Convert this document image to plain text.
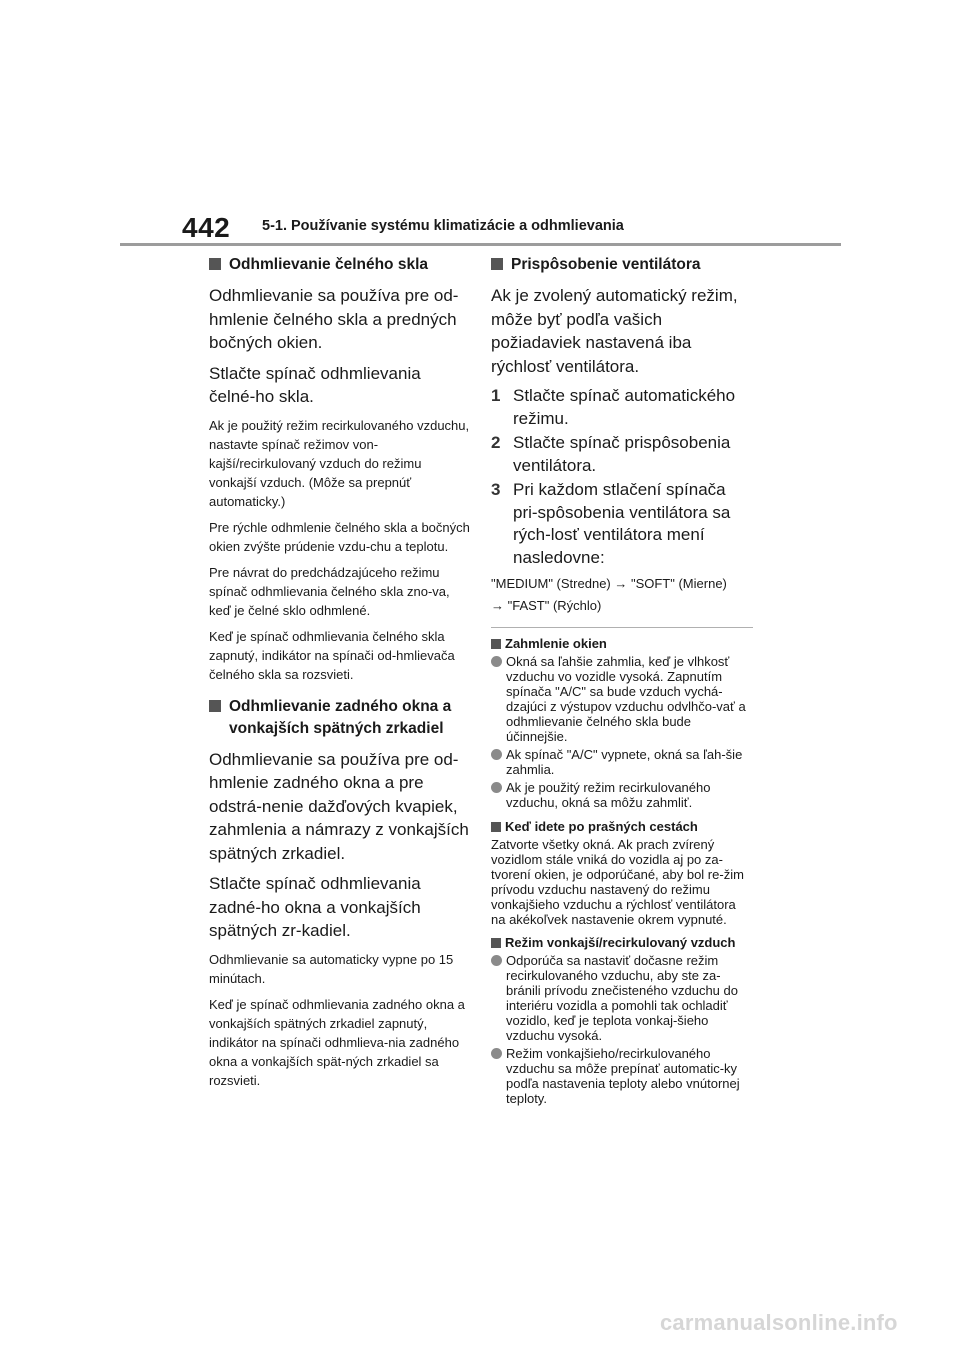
442 5-1. Používanie systému klimatizácie a odhmlievania
Odhmlievanie čelného skla

Odhmlievanie sa používa pre od-hmlenie čelného skla a predných bočných okien.

Stlačte spínač odhmlievania čelné-ho skla.

Ak je použitý režim recirkulovaného vzduchu, nastavte spínač režimov von-kajší/recirkulovaný vzduch do režimu vonkajší vzduch. (Môže sa prepnúť automaticky.)

Pre rýchle odhmlenie čelného skla a bočných okien zvýšte prúdenie vzdu-chu a teplotu.

Pre návrat do predchádzajúceho režimu spínač odhmlievania čelného skla zno-va, keď je čelné sklo odhmlené.

Keď je spínač odhmlievania čelného skla zapnutý, indikátor na spínači od-hmlievača čelného skla sa rozsvieti.

Odhmlievanie zadného okna a vonkajších spätných zrkadiel

Odhmlievanie sa používa pre od-hmlenie zadného okna a pre odstrá-nenie dažďových kvapiek, zahmlenia a námrazy z vonkajších spätných zrkadiel.

Stlačte spínač odhmlievania zadné-ho okna a vonkajších spätných zr-kadiel.

Odhmlievanie sa automaticky vypne po 15 minútach.

Keď je spínač odhmlievania zadného okna a vonkajších spätných zrkadiel zapnutý, indikátor na spínači odhmlieva-nia zadného okna a vonkajších spät-ných zrkadiel sa rozsvieti.

Prispôsobenie ventilátora

Ak je zvolený automatický režim, môže byť podľa vašich požiadaviek nastavená iba rýchlosť ventilátora.

1 Stlačte spínač automatického režimu.
2 Stlačte spínač prispôsobenia ventilátora.
3 Pri každom stlačení spínača pri-spôsobenia ventilátora sa rých-losť ventilátora mení nasledovne:

"MEDIUM" (Stredne) → "SOFT" (Mierne)

→ "FAST" (Rýchlo)

Zahmlenie okien
Okná sa ľahšie zahmlia, keď je vlhkosť vzduchu vo vozidle vysoká. Zapnutím spínača "A/C" sa bude vzduch vychá-dzajúci z výstupov vzduchu odvlhčo-vať a odhmlievanie čelného skla bude účinnejšie.
Ak spínač "A/C" vypnete, okná sa ľah-šie zahmlia.
Ak je použitý režim recirkulovaného vzduchu, okná sa môžu zahmliť.
Keď idete po prašných cestách

Zatvorte všetky okná. Ak prach zvírený vozidlom stále vniká do vozidla aj po za-tvorení okien, je odporúčané, aby bol re-žim prívodu vzduchu nastavený do režimu vonkajšieho vzduchu a rýchlosť ventilátora na akékoľvek nastavenie okrem vypnuté.

Režim vonkajší/recirkulovaný vzduch
Odporúča sa nastaviť dočasne režim recirkulovaného vzduchu, aby ste za-bránili prívodu znečisteného vzduchu do interiéru vozidla a pomohli tak ochladiť vozidlo, keď je teplota vonkaj-šieho vzduchu vysoká.
Režim vonkajšieho/recirkulovaného vzduchu sa môže prepínať automatic-ky podľa nastavenia teploty alebo vnútornej teploty.
carmanualsonline.info
